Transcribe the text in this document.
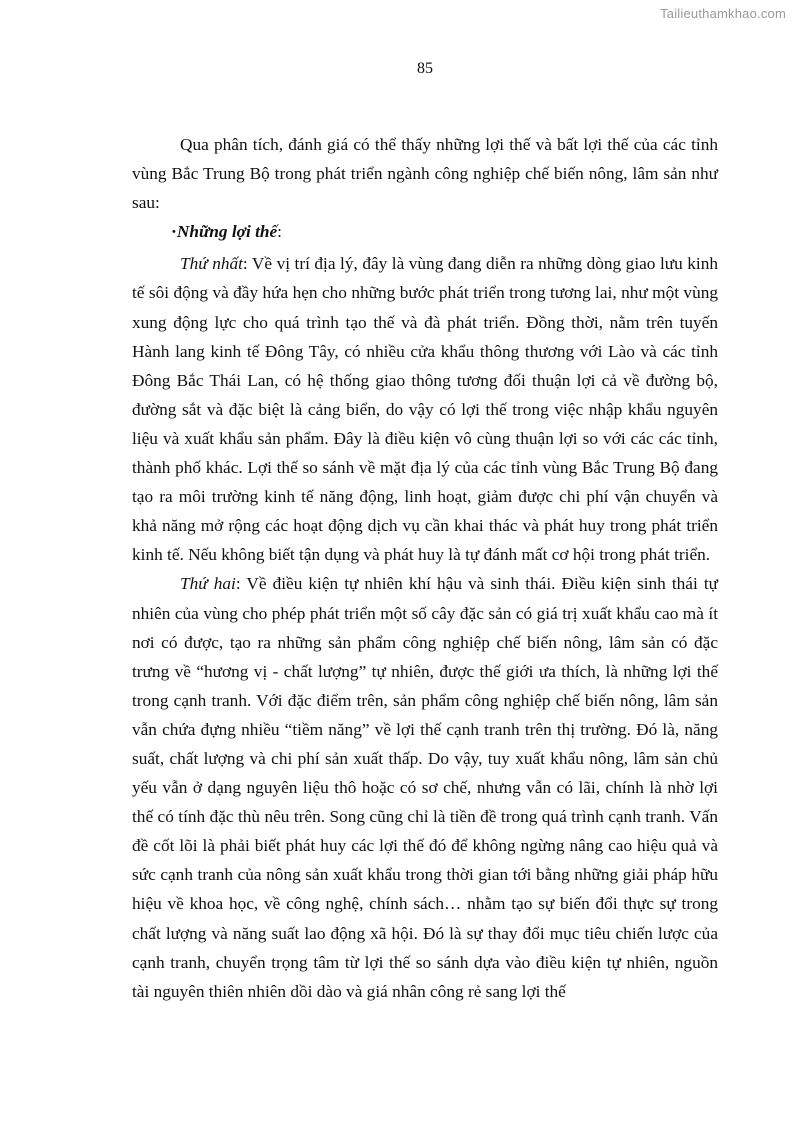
Tailieuthamkhao.com
85

Qua phân tích, đánh giá có thể thấy những lợi thế và bất lợi thế của các tỉnh vùng Bắc Trung Bộ trong phát triển ngành công nghiệp chế biến nông, lâm sản như sau:

•Những lợi thế:

Thứ nhất: Về vị trí địa lý, đây là vùng đang diễn ra những dòng giao lưu kinh tế sôi động và đầy hứa hẹn cho những bước phát triển trong tương lai, như một vùng xung động lực cho quá trình tạo thế và đà phát triển. Đồng thời, nằm trên tuyến Hành lang kinh tế Đông Tây, có nhiều cửa khẩu thông thương với Lào và các tỉnh Đông Bắc Thái Lan, có hệ thống giao thông tương đối thuận lợi cả về đường bộ, đường sắt và đặc biệt là cảng biển, do vậy có lợi thế trong việc nhập khẩu nguyên liệu và xuất khẩu sản phẩm. Đây là điều kiện vô cùng thuận lợi so với các các tỉnh, thành phố khác. Lợi thế so sánh về mặt địa lý của các tỉnh vùng Bắc Trung Bộ đang tạo ra môi trường kinh tế năng động, linh hoạt, giảm được chi phí vận chuyển và khả năng mở rộng các hoạt động dịch vụ cần khai thác và phát huy trong phát triển kinh tế. Nếu không biết tận dụng và phát huy là tự đánh mất cơ hội trong phát triển.

Thứ hai: Về điều kiện tự nhiên khí hậu và sinh thái. Điều kiện sinh thái tự nhiên của vùng cho phép phát triển một số cây đặc sản có giá trị xuất khẩu cao mà ít nơi có được, tạo ra những sản phẩm công nghiệp chế biến nông, lâm sản có đặc trưng về “hương vị - chất lượng” tự nhiên, được thế giới ưa thích, là những lợi thế trong cạnh tranh. Với đặc điểm trên, sản phẩm công nghiệp chế biến nông, lâm sản vẫn chứa đựng nhiều “tiềm năng” về lợi thế cạnh tranh trên thị trường. Đó là, năng suất, chất lượng và chi phí sản xuất thấp. Do vậy, tuy xuất khẩu nông, lâm sản chủ yếu vẫn ở dạng nguyên liệu thô hoặc có sơ chế, nhưng vẫn có lãi, chính là nhờ lợi thế có tính đặc thù nêu trên. Song cũng chỉ là tiền đề trong quá trình cạnh tranh. Vấn đề cốt lõi là phải biết phát huy các lợi thế đó để không ngừng nâng cao hiệu quả và sức cạnh tranh của nông sản xuất khẩu trong thời gian tới bằng những giải pháp hữu hiệu về khoa học, về công nghệ, chính sách… nhằm tạo sự biến đổi thực sự trong chất lượng và năng suất lao động xã hội. Đó là sự thay đổi mục tiêu chiến lược của cạnh tranh, chuyển trọng tâm từ lợi thế so sánh dựa vào điều kiện tự nhiên, nguồn tài nguyên thiên nhiên dồi dào và giá nhân công rẻ sang lợi thế
